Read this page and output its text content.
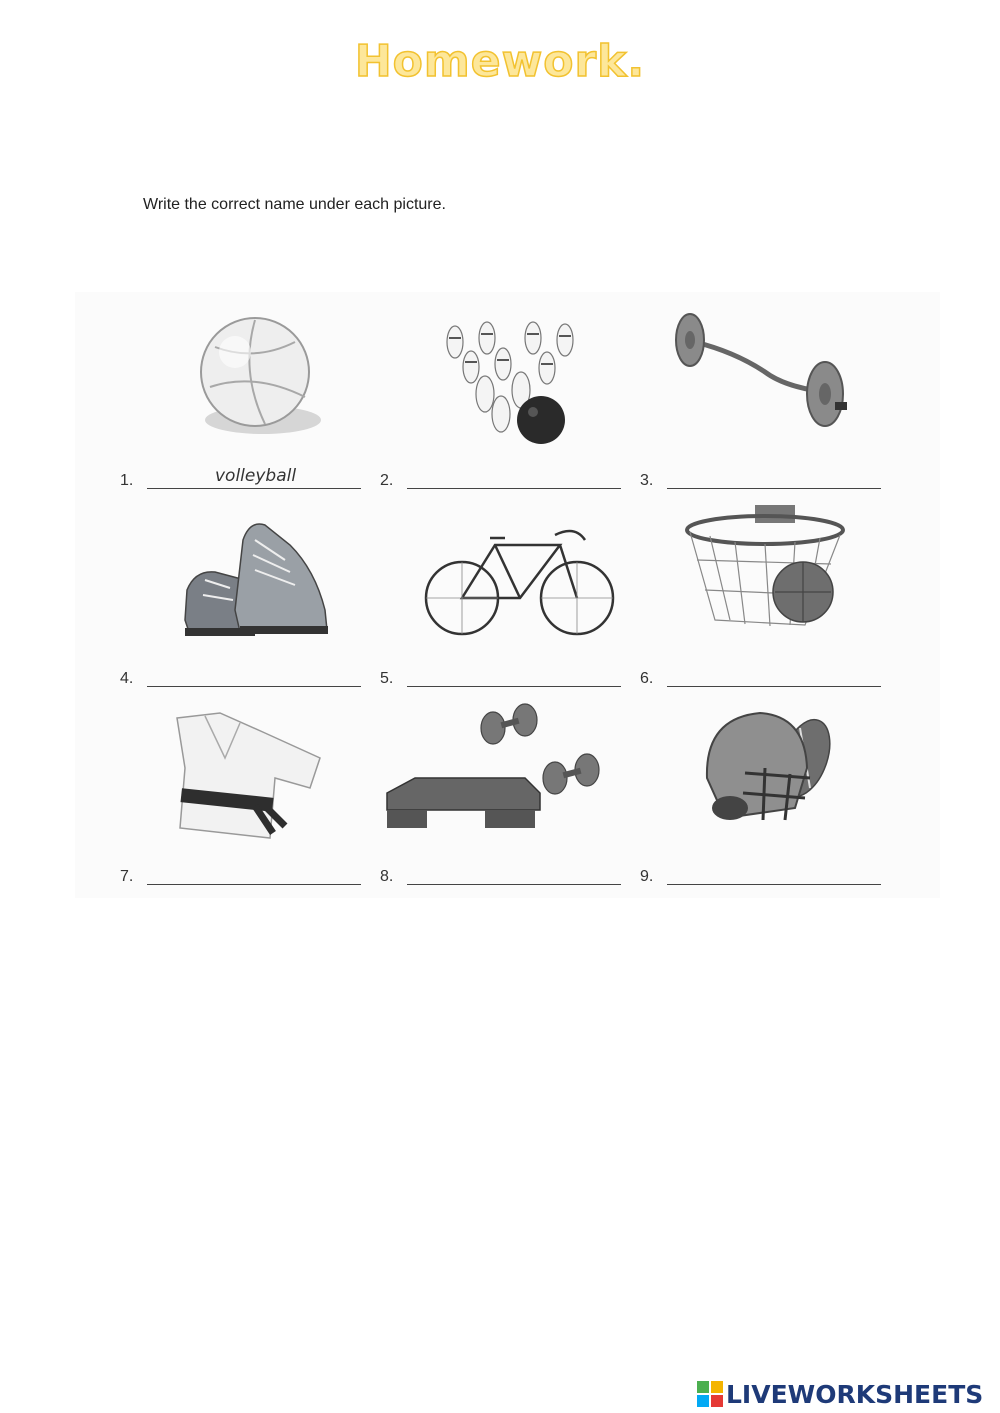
Homework.
Write the correct name under each picture.
1.	volleyball	2.	3.
4.	5.	6.
7.	8.	9.
LIVEWORKSHEETS
